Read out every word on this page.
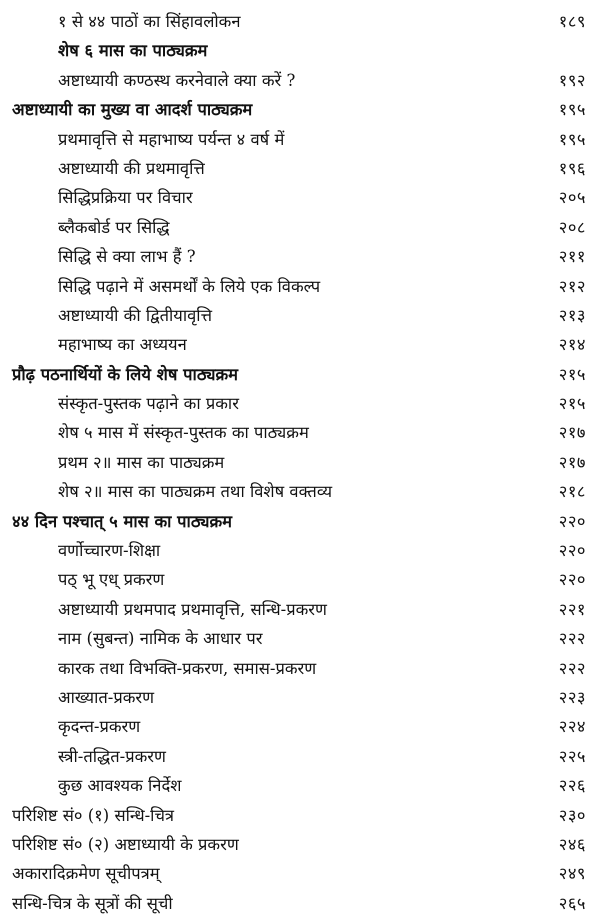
१ से ४४ पाठों का सिंहावलोकन	१८९
शेष ६ मास का पाठ्यक्रम
अष्टाध्यायी कण्ठस्थ करनेवाले क्या करें ?	१९२
अष्टाध्यायी का मुख्य वा आदर्श पाठ्यक्रम	१९५
प्रथमावृत्ति से महाभाष्य पर्यन्त ४ वर्ष में	१९५
अष्टाध्यायी की प्रथमावृत्ति	१९६
सिद्धिप्रक्रिया पर विचार	२०५
ब्लैकबोर्ड पर सिद्धि	२०८
सिद्धि से क्या लाभ हैं ?	२११
सिद्धि पढ़ाने में असमर्थों के लिये एक विकल्प	२१२
अष्टाध्यायी की द्वितीयावृत्ति	२१३
महाभाष्य का अध्ययन	२१४
प्रौढ़ पठनार्थियों के लिये शेष पाठ्यक्रम	२१५
संस्कृत-पुस्तक पढ़ाने का प्रकार	२१५
शेष ५ मास में संस्कृत-पुस्तक का पाठ्यक्रम	२१७
प्रथम २॥ मास का पाठ्यक्रम	२१७
शेष २॥ मास का पाठ्यक्रम तथा विशेष वक्तव्य	२१८
४४ दिन पश्चात् ५ मास का पाठ्यक्रम	२२०
वर्णोच्चारण-शिक्षा	२२०
पठ् भू एध् प्रकरण	२२०
अष्टाध्यायी प्रथमपाद प्रथमावृत्ति, सन्धि-प्रकरण	२२१
नाम (सुबन्त) नामिक के आधार पर	२२२
कारक तथा विभक्ति-प्रकरण, समास-प्रकरण	२२२
आख्यात-प्रकरण	२२३
कृदन्त-प्रकरण	२२४
स्त्री-तद्धित-प्रकरण	२२५
कुछ आवश्यक निर्देश	२२६
परिशिष्ट सं० (१) सन्धि-चित्र	२३०
परिशिष्ट सं० (२) अष्टाध्यायी के प्रकरण	२४६
अकारादिक्रमेण सूचीपत्रम्	२४९
सन्धि-चित्र के सूत्रों की सूची	२६५
